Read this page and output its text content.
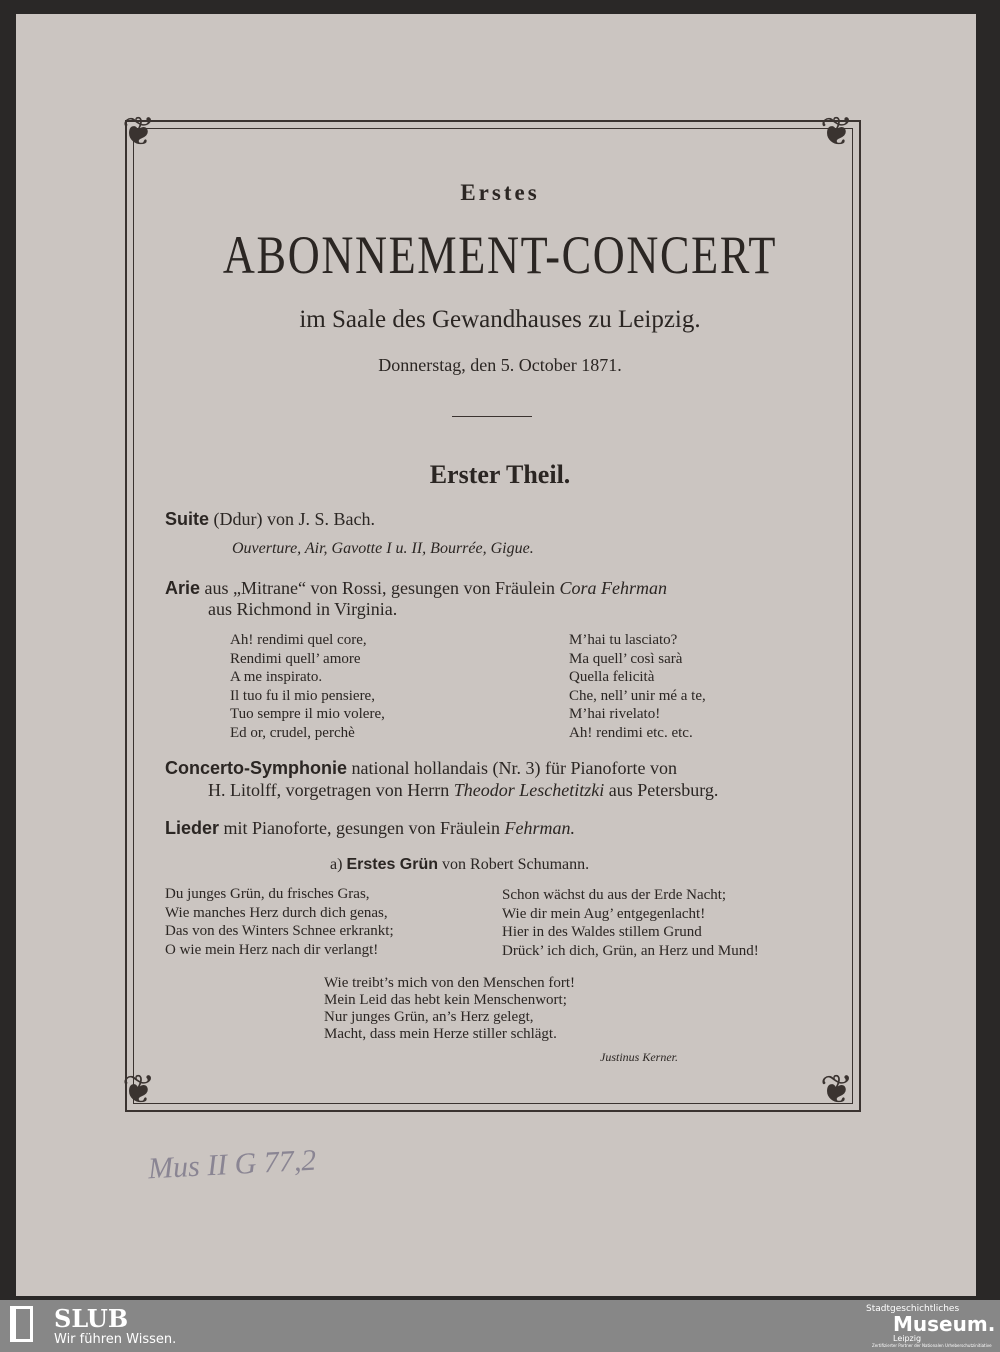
❦	❦
❦	❦
Erstes
ABONNEMENT-CONCERT
im Saale des Gewandhauses zu Leipzig.
Donnerstag, den 5. October 1871.
Erster Theil.
Suite (Ddur) von J. S. Bach.
Ouverture, Air, Gavotte I u. II, Bourrée, Gigue.
Arie aus „Mitrane“ von Rossi, gesungen von Fräulein Cora Fehrman
aus Richmond in Virginia.
Ah! rendimi quel core,
Rendimi quell’ amore
A me inspirato.
Il tuo fu il mio pensiere,
Tuo sempre il mio volere,
Ed or, crudel, perchè
M’hai tu lasciato?
Ma quell’ così sarà
Quella felicità
Che, nell’ unir mé a te,
M’hai rivelato!
Ah! rendimi etc. etc.
Concerto-Symphonie national hollandais (Nr. 3) für Pianoforte von
H. Litolff, vorgetragen von Herrn Theodor Leschetitzki aus Petersburg.
Lieder mit Pianoforte, gesungen von Fräulein Fehrman.
a) Erstes Grün von Robert Schumann.
Du junges Grün, du frisches Gras,
Wie manches Herz durch dich genas,
Das von des Winters Schnee erkrankt;
O wie mein Herz nach dir verlangt!
Schon wächst du aus der Erde Nacht;
Wie dir mein Aug’ entgegenlacht!
Hier in des Waldes stillem Grund
Drück’ ich dich, Grün, an Herz und Mund!
Wie treibt’s mich von den Menschen fort!
Mein Leid das hebt kein Menschenwort;
Nur junges Grün, an’s Herz gelegt,
Macht, dass mein Herze stiller schlägt.
Justinus Kerner.
Mus II G 77,2
SLUB
Wir führen Wissen.
Stadtgeschichtliches
Museum.
Leipzig
Zertifizierter Partner der Nationalen Urheberschutzinitiative
